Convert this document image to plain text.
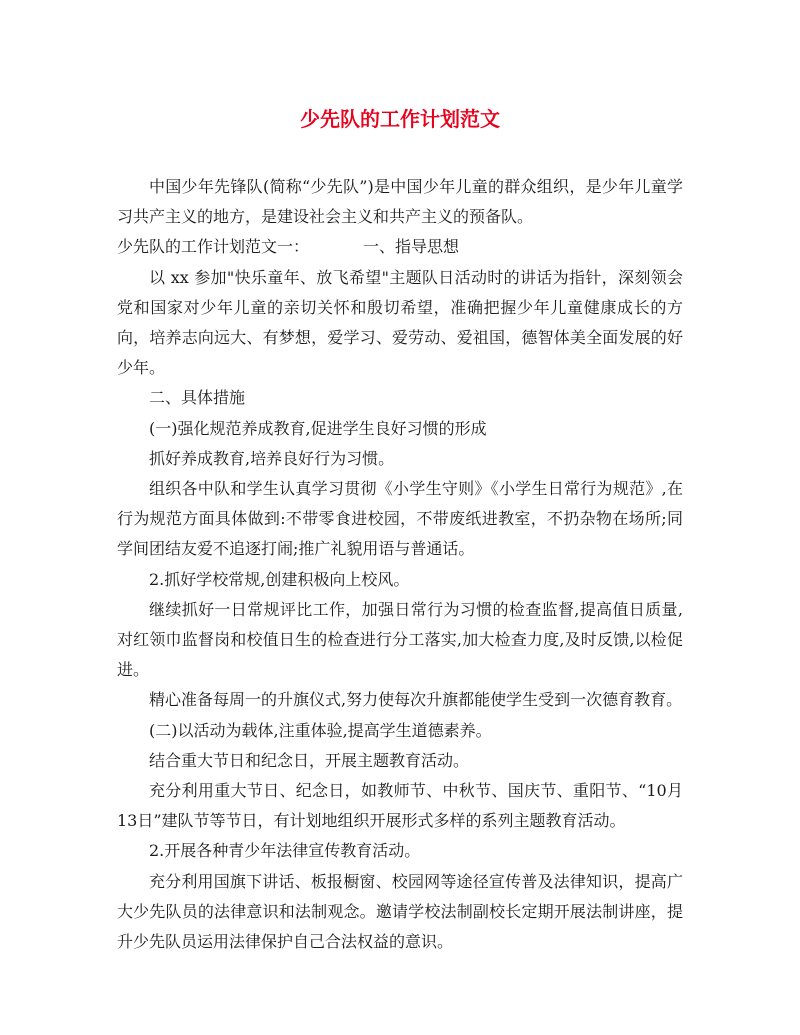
少先队的工作计划范文

中国少年先锋队(简称“少先队”)是中国少年儿童的群众组织，是少年儿童学习共产主义的地方，是建设社会主义和共产主义的预备队。

少先队的工作计划范文一：	一、指导思想

以 xx 参加"快乐童年、放飞希望"主题队日活动时的讲话为指针，深刻领会党和国家对少年儿童的亲切关怀和殷切希望，准确把握少年儿童健康成长的方向，培养志向远大、有梦想，爱学习、爱劳动、爱祖国，德智体美全面发展的好少年。

二、具体措施

(一)强化规范养成教育,促进学生良好习惯的形成

抓好养成教育,培养良好行为习惯。

组织各中队和学生认真学习贯彻《小学生守则》《小学生日常行为规范》,在行为规范方面具体做到:不带零食进校园，不带废纸进教室，不扔杂物在场所;同学间团结友爱不追逐打闹;推广礼貌用语与普通话。

2.抓好学校常规,创建积极向上校风。

继续抓好一日常规评比工作，加强日常行为习惯的检查监督,提高值日质量,对红领巾监督岗和校值日生的检查进行分工落实,加大检查力度,及时反馈,以检促进。

精心准备每周一的升旗仪式,努力使每次升旗都能使学生受到一次德育教育。

(二)以活动为载体,注重体验,提高学生道德素养。

结合重大节日和纪念日，开展主题教育活动。

充分利用重大节日、纪念日，如教师节、中秋节、国庆节、重阳节、“10月13日”建队节等节日，有计划地组织开展形式多样的系列主题教育活动。

2.开展各种青少年法律宣传教育活动。

充分利用国旗下讲话、板报橱窗、校园网等途径宣传普及法律知识，提高广大少先队员的法律意识和法制观念。邀请学校法制副校长定期开展法制讲座，提升少先队员运用法律保护自己合法权益的意识。
